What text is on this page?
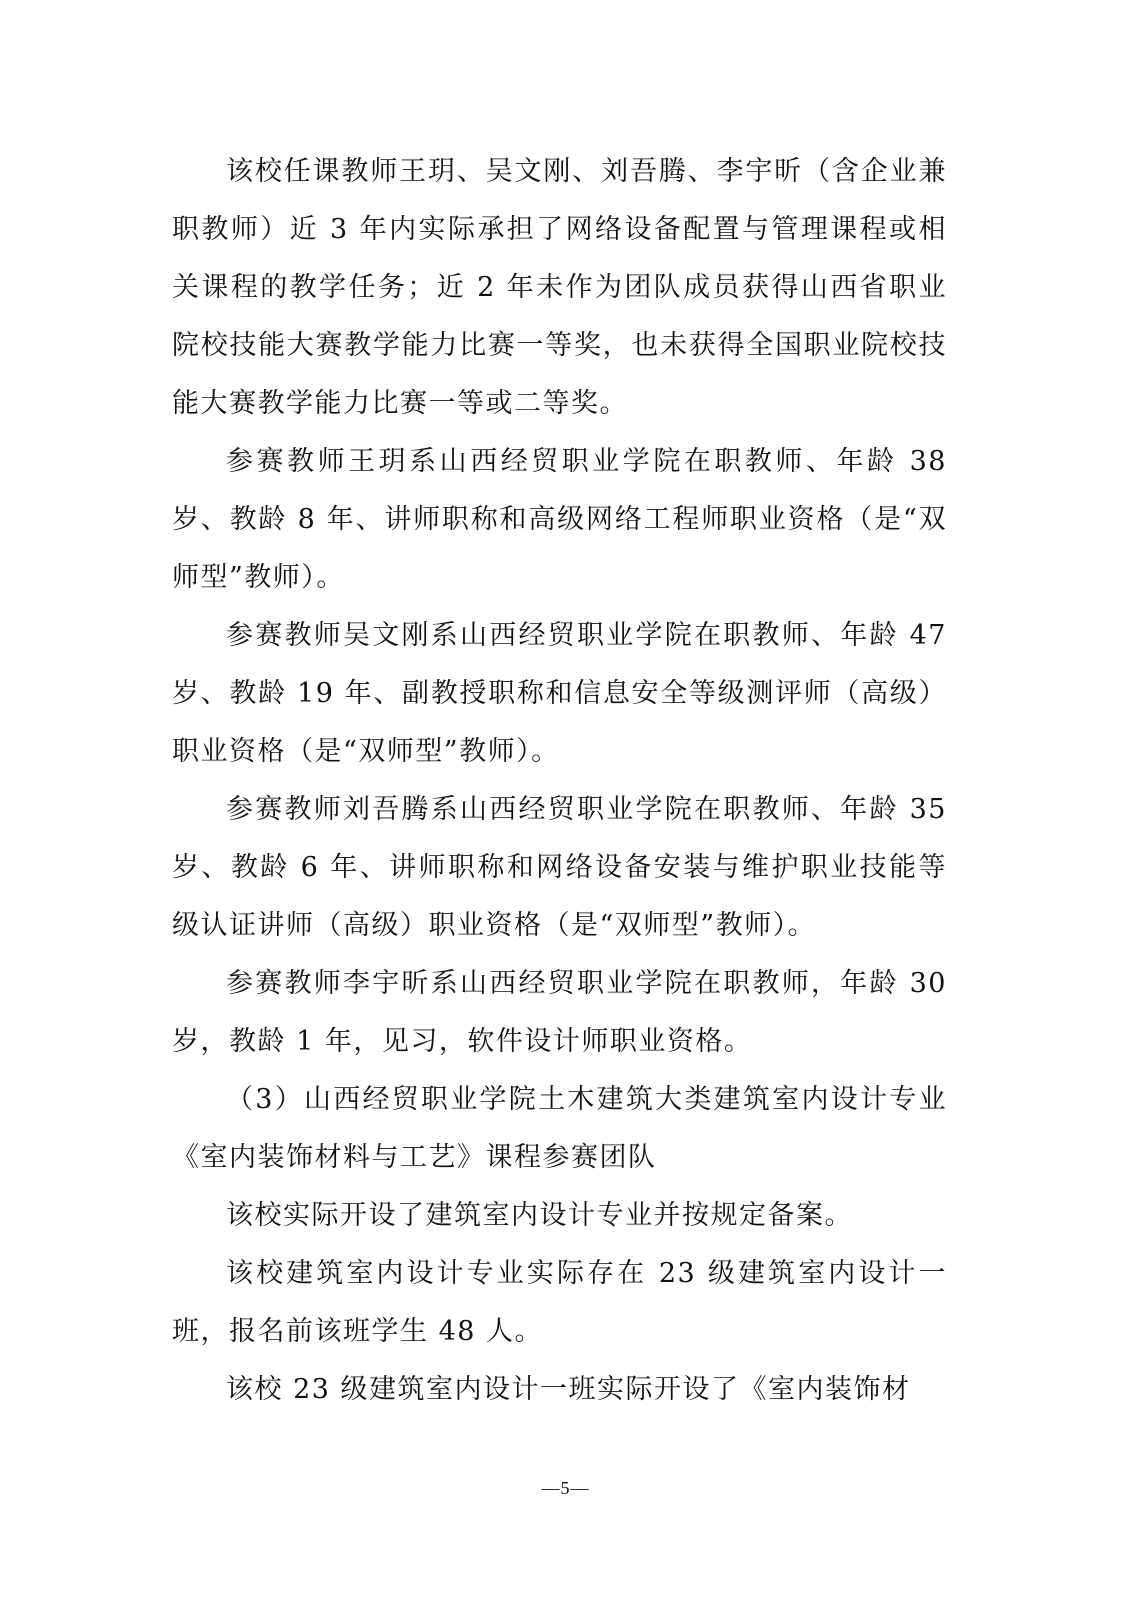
该校任课教师王玥、吴文刚、刘吾腾、李宇昕（含企业兼职教师）近 3 年内实际承担了网络设备配置与管理课程或相关课程的教学任务；近 2 年未作为团队成员获得山西省职业院校技能大赛教学能力比赛一等奖，也未获得全国职业院校技能大赛教学能力比赛一等或二等奖。

参赛教师王玥系山西经贸职业学院在职教师、年龄 38 岁、教龄 8 年、讲师职称和高级网络工程师职业资格（是“双师型”教师）。

参赛教师吴文刚系山西经贸职业学院在职教师、年龄 47 岁、教龄 19 年、副教授职称和信息安全等级测评师（高级）职业资格（是“双师型”教师）。

参赛教师刘吾腾系山西经贸职业学院在职教师、年龄 35 岁、教龄 6 年、讲师职称和网络设备安装与维护职业技能等级认证讲师（高级）职业资格（是“双师型”教师）。

参赛教师李宇昕系山西经贸职业学院在职教师，年龄 30 岁，教龄 1 年，见习，软件设计师职业资格。

（3）山西经贸职业学院土木建筑大类建筑室内设计专业《室内装饰材料与工艺》课程参赛团队

该校实际开设了建筑室内设计专业并按规定备案。

该校建筑室内设计专业实际存在 23 级建筑室内设计一班，报名前该班学生 48 人。

该校 23 级建筑室内设计一班实际开设了《室内装饰材

—5—
